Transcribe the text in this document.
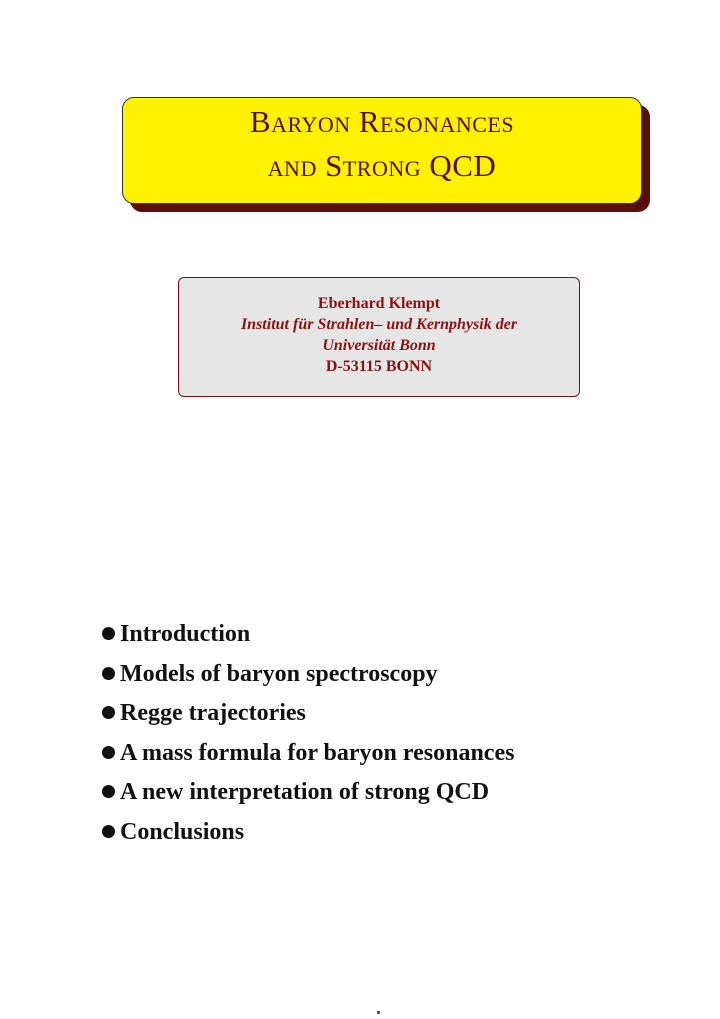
Baryon Resonances
and Strong QCD
Eberhard Klempt
Institut für Strahlen– und Kernphysik der
Universität Bonn
D-53115 BONN
Introduction
Models of baryon spectroscopy
Regge trajectories
A mass formula for baryon resonances
A new interpretation of strong QCD
Conclusions
